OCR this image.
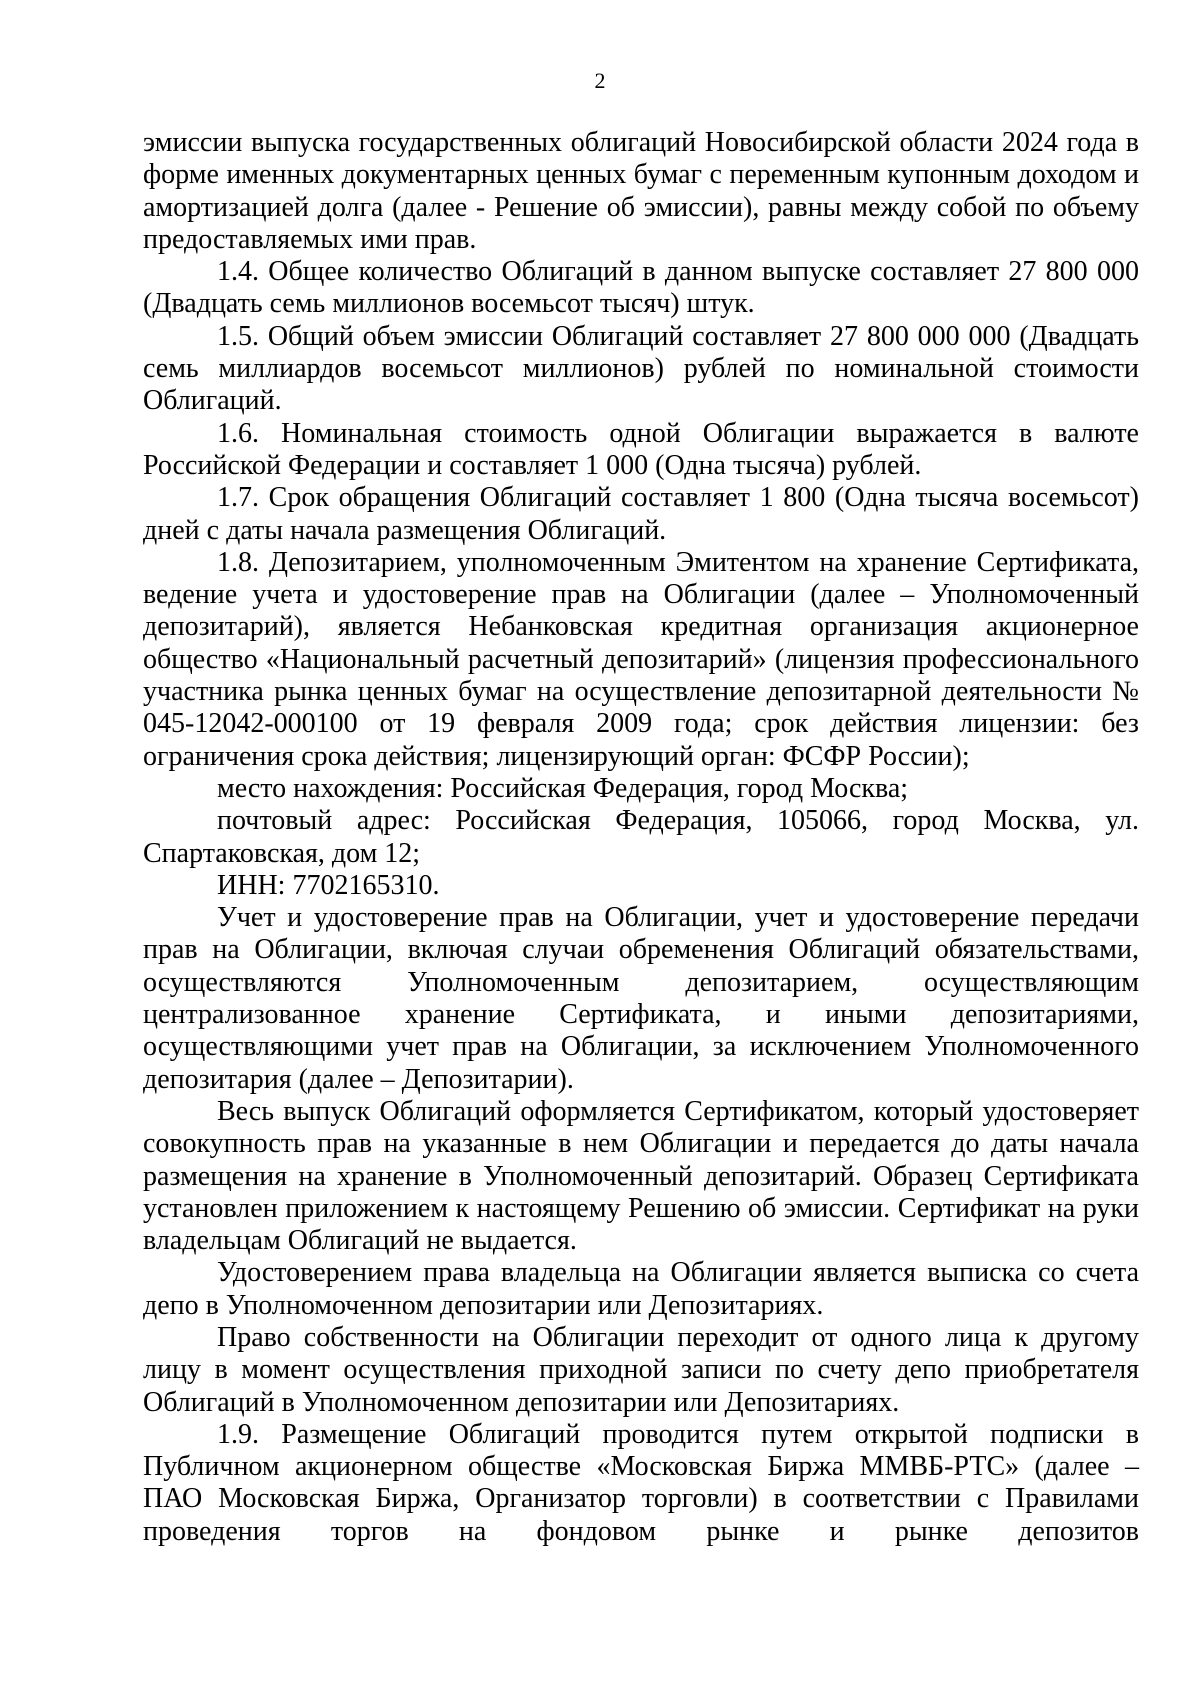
2

эмиссии выпуска государственных облигаций Новосибирской области 2024 года в форме именных документарных ценных бумаг с переменным купонным доходом и амортизацией долга (далее - Решение об эмиссии), равны между собой по объему предоставляемых ими прав.

1.4. Общее количество Облигаций в данном выпуске составляет 27 800 000 (Двадцать семь миллионов восемьсот тысяч) штук.

1.5. Общий объем эмиссии Облигаций составляет 27 800 000 000 (Двадцать семь миллиардов восемьсот миллионов) рублей по номинальной стоимости Облигаций.

1.6. Номинальная стоимость одной Облигации выражается в валюте Российской Федерации и составляет 1 000 (Одна тысяча) рублей.

1.7. Срок обращения Облигаций составляет 1 800 (Одна тысяча восемьсот) дней с даты начала размещения Облигаций.

1.8. Депозитарием, уполномоченным Эмитентом на хранение Сертификата, ведение учета и удостоверение прав на Облигации (далее – Уполномоченный депозитарий), является Небанковская кредитная организация акционерное общество «Национальный расчетный депозитарий» (лицензия профессионального участника рынка ценных бумаг на осуществление депозитарной деятельности № 045-12042-000100 от 19 февраля 2009 года; срок действия лицензии: без ограничения срока действия; лицензирующий орган: ФСФР России);

место нахождения: Российская Федерация, город Москва;

почтовый адрес: Российская Федерация, 105066, город Москва, ул. Спартаковская, дом 12;

ИНН: 7702165310.

Учет и удостоверение прав на Облигации, учет и удостоверение передачи прав на Облигации, включая случаи обременения Облигаций обязательствами, осуществляются Уполномоченным депозитарием, осуществляющим централизованное хранение Сертификата, и иными депозитариями, осуществляющими учет прав на Облигации, за исключением Уполномоченного депозитария (далее – Депозитарии).

Весь выпуск Облигаций оформляется Сертификатом, который удостоверяет совокупность прав на указанные в нем Облигации и передается до даты начала размещения на хранение в Уполномоченный депозитарий. Образец Сертификата установлен приложением к настоящему Решению об эмиссии. Сертификат на руки владельцам Облигаций не выдается.

Удостоверением права владельца на Облигации является выписка со счета депо в Уполномоченном депозитарии или Депозитариях.

Право собственности на Облигации переходит от одного лица к другому лицу в момент осуществления приходной записи по счету депо приобретателя Облигаций в Уполномоченном депозитарии или Депозитариях.

1.9. Размещение Облигаций проводится путем открытой подписки в Публичном акционерном обществе «Московская Биржа ММВБ-РТС» (далее – ПАО Московская Биржа, Организатор торговли) в соответствии с Правилами проведения торгов на фондовом рынке и рынке депозитов
